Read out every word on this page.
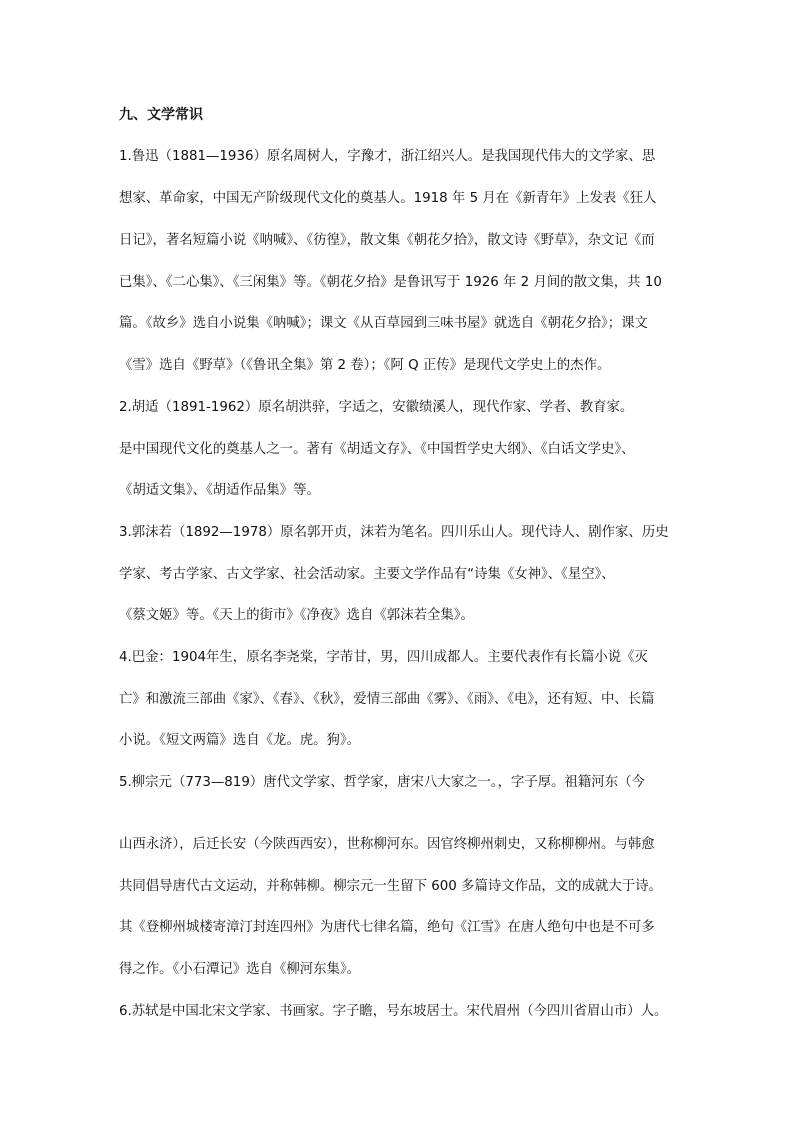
九、文学常识
1.鲁迅（1881—1936）原名周树人，字豫才，浙江绍兴人。是我国现代伟大的文学家、思
想家、革命家，中国无产阶级现代文化的奠基人。1918 年 5 月在《新青年》上发表《狂人
日记》，著名短篇小说《呐喊》、《彷徨》，散文集《朝花夕拾》，散文诗《野草》，杂文记《而
已集》、《二心集》、《三闲集》等。《朝花夕拾》是鲁讯写于 1926 年 2 月间的散文集，共 10
篇。《故乡》选自小说集《呐喊》；课文《从百草园到三味书屋》就选自《朝花夕拾》；课文
《雪》选自《野草》（《鲁讯全集》第 2 卷）；《阿 Q 正传》是现代文学史上的杰作。
2.胡适（1891-1962）原名胡洪骍，字适之，安徽绩溪人，现代作家、学者、教育家。
是中国现代文化的奠基人之一。著有《胡适文存》、《中国哲学史大纲》、《白话文学史》、
《胡适文集》、《胡适作品集》等。
3.郭沫若（1892—1978）原名郭开贞，沫若为笔名。四川乐山人。现代诗人、剧作家、历史
学家、考古学家、古文学家、社会活动家。主要文学作品有“诗集《女神》、《星空》、
《蔡文姬》等。《天上的街市》《净夜》选自《郭沫若全集》。
4.巴金：1904年生，原名李尧棠，字芾甘，男，四川成都人。主要代表作有长篇小说《灭
亡》和激流三部曲《家》、《春》、《秋》，爱情三部曲《雾》、《雨》、《电》，还有短、中、长篇
小说。《短文两篇》选自《龙。虎。狗》。
5.柳宗元（773—819）唐代文学家、哲学家，唐宋八大家之一。，字子厚。祖籍河东（今
山西永济），后迁长安（今陕西西安），世称柳河东。因官终柳州刺史，又称柳柳州。与韩愈
共同倡导唐代古文运动，并称韩柳。柳宗元一生留下 600 多篇诗文作品，文的成就大于诗。
其《登柳州城楼寄漳汀封连四州》为唐代七律名篇，绝句《江雪》在唐人绝句中也是不可多
得之作。《小石潭记》选自《柳河东集》。
6.苏轼是中国北宋文学家、书画家。字子瞻，号东坡居士。宋代眉州（今四川省眉山市）人。
